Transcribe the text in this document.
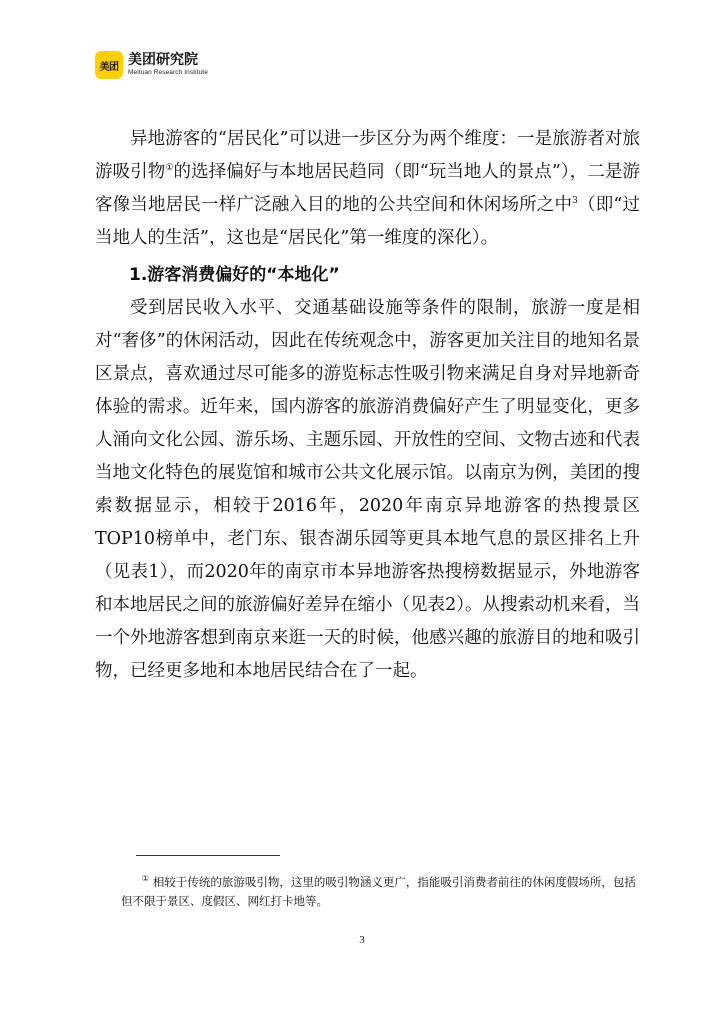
美团 美团研究院
Meituan Research Institute

异地游客的“居民化”可以进一步区分为两个维度：一是旅游者对旅游吸引物①的选择偏好与本地居民趋同（即“玩当地人的景点”），二是游客像当地居民一样广泛融入目的地的公共空间和休闲场所之中$^3$（即“过当地人的生活”，这也是“居民化”第一维度的深化）。

1.游客消费偏好的“本地化”

受到居民收入水平、交通基础设施等条件的限制，旅游一度是相对“奢侈”的休闲活动，因此在传统观念中，游客更加关注目的地知名景区景点，喜欢通过尽可能多的游览标志性吸引物来满足自身对异地新奇体验的需求。近年来，国内游客的旅游消费偏好产生了明显变化，更多人涌向文化公园、游乐场、主题乐园、开放性的空间、文物古迹和代表当地文化特色的展览馆和城市公共文化展示馆。以南京为例，美团的搜索数据显示，相较于2016年，2020年南京异地游客的热搜景区TOP10榜单中，老门东、银杏湖乐园等更具本地气息的景区排名上升（见表1），而2020年的南京市本异地游客热搜榜数据显示，外地游客和本地居民之间的旅游偏好差异在缩小（见表2）。从搜索动机来看，当一个外地游客想到南京来逛一天的时候，他感兴趣的旅游目的地和吸引物，已经更多地和本地居民结合在了一起。

① 相较于传统的旅游吸引物，这里的吸引物涵义更广，指能吸引消费者前往的休闲度假场所，包括但不限于景区、度假区、网红打卡地等。
3
